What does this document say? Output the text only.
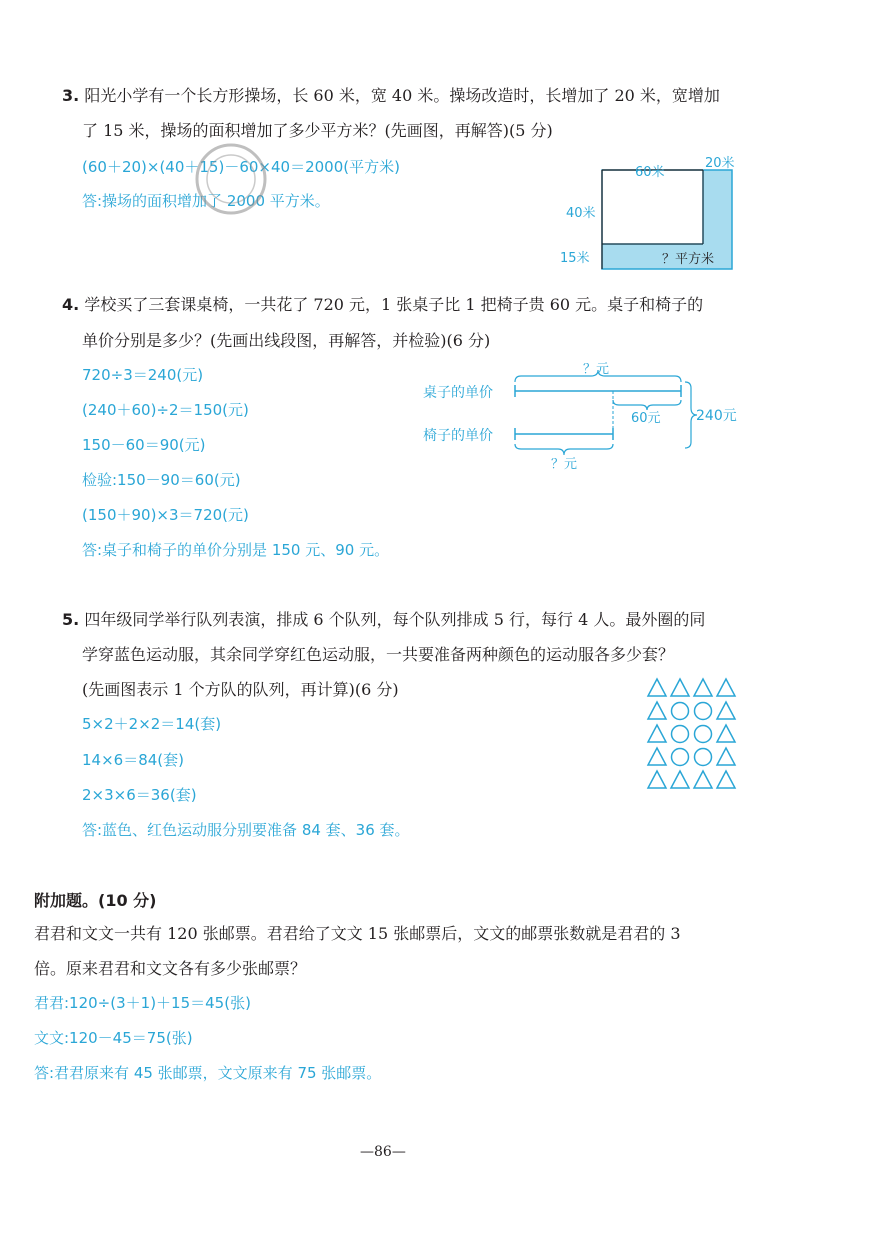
3. 阳光小学有一个长方形操场，长 60 米，宽 40 米。操场改造时，长增加了 20 米，宽增加
了 15 米，操场的面积增加了多少平方米？(先画图，再解答)(5 分)
(60＋20)×(40＋15)－60×40＝2000(平方米)
答:操场的面积增加了 2000 平方米。
60米
20米
40米
15米	？平方米
4. 学校买了三套课桌椅，一共花了 720 元，1 张桌子比 1 把椅子贵 60 元。桌子和椅子的
单价分别是多少？(先画出线段图，再解答，并检验)(6 分)
720÷3＝240(元)
(240＋60)÷2＝150(元)
150－60＝90(元)
检验:150－90＝60(元)
(150＋90)×3＝720(元)
答:桌子和椅子的单价分别是 150 元、90 元。
桌子的单价
椅子的单价
？元
60元
？元
240元
5. 四年级同学举行队列表演，排成 6 个队列，每个队列排成 5 行，每行 4 人。最外圈的同
学穿蓝色运动服，其余同学穿红色运动服，一共要准备两种颜色的运动服各多少套？
(先画图表示 1 个方队的队列，再计算)(6 分)
5×2＋2×2＝14(套)
14×6＝84(套)
2×3×6＝36(套)
答:蓝色、红色运动服分别要准备 84 套、36 套。
附加题。(10 分)
君君和文文一共有 120 张邮票。君君给了文文 15 张邮票后，文文的邮票张数就是君君的 3
倍。原来君君和文文各有多少张邮票？
君君:120÷(3＋1)＋15＝45(张)
文文:120－45＝75(张)
答:君君原来有 45 张邮票，文文原来有 75 张邮票。
—86—
